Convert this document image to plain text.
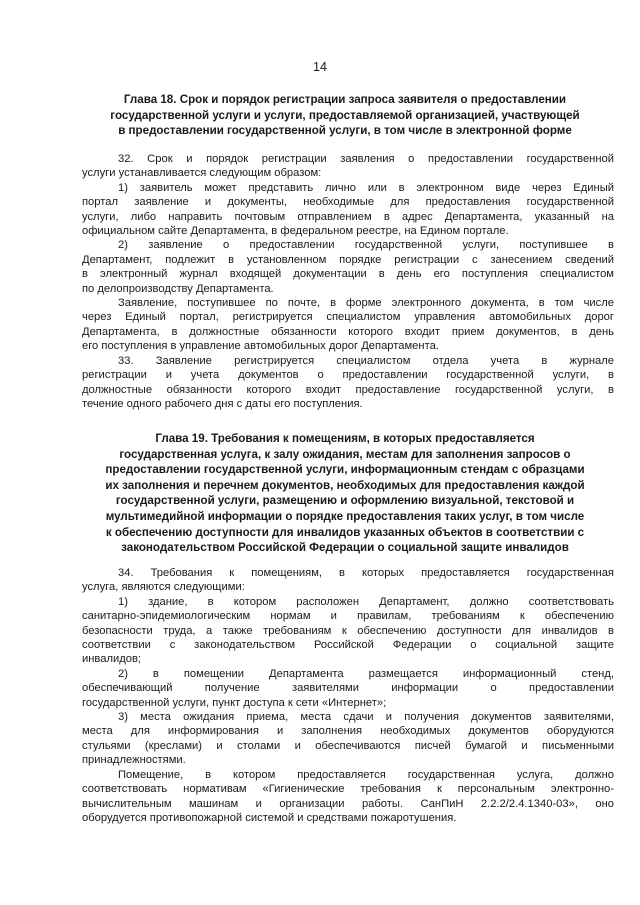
14
Глава 18. Срок и порядок регистрации запроса заявителя о предоставлении
государственной услуги и услуги, предоставляемой организацией, участвующей
в предоставлении государственной услуги, в том числе в электронной форме
32. Срок и порядок регистрации заявления о предоставлении государственной
услуги устанавливается следующим образом:
1) заявитель может представить лично или в электронном виде через Единый
портал заявление и документы, необходимые для предоставления государственной
услуги, либо направить почтовым отправлением в адрес Департамента, указанный на
официальном сайте Департамента, в федеральном реестре, на Едином портале.
2) заявление о предоставлении государственной услуги, поступившее в
Департамент, подлежит в установленном порядке регистрации с занесением сведений
в электронный журнал входящей документации в день его поступления специалистом
по делопроизводству Департамента.
Заявление, поступившее по почте, в форме электронного документа, в том числе
через Единый портал, регистрируется специалистом управления автомобильных дорог
Департамента, в должностные обязанности которого входит прием документов, в день
его поступления в управление автомобильных дорог Департамента.
33. Заявление регистрируется специалистом отдела учета в журнале
регистрации и учета документов о предоставлении государственной услуги, в
должностные обязанности которого входит предоставление государственной услуги, в
течение одного рабочего дня с даты его поступления.
Глава 19. Требования к помещениям, в которых предоставляется
государственная услуга, к залу ожидания, местам для заполнения запросов о
предоставлении государственной услуги, информационным стендам с образцами
их заполнения и перечнем документов, необходимых для предоставления каждой
государственной услуги, размещению и оформлению визуальной, текстовой и
мультимедийной информации о порядке предоставления таких услуг, в том числе
к обеспечению доступности для инвалидов указанных объектов в соответствии с
законодательством Российской Федерации о социальной защите инвалидов
34. Требования к помещениям, в которых предоставляется государственная
услуга, являются следующими:
1) здание, в котором расположен Департамент, должно соответствовать
санитарно-эпидемиологическим нормам и правилам, требованиям к обеспечению
безопасности труда, а также требованиям к обеспечению доступности для инвалидов в
соответствии с законодательством Российской Федерации о социальной защите
инвалидов;
2) в помещении Департамента размещается информационный стенд,
обеспечивающий получение заявителями информации о предоставлении
государственной услуги, пункт доступа к сети «Интернет»;
3) места ожидания приема, места сдачи и получения документов заявителями,
места для информирования и заполнения необходимых документов оборудуются
стульями (креслами) и столами и обеспечиваются писчей бумагой и письменными
принадлежностями.
Помещение, в котором предоставляется государственная услуга, должно
соответствовать нормативам «Гигиенические требования к персональным электронно-
вычислительным машинам и организации работы. СанПиН 2.2.2/2.4.1340-03», оно
оборудуется противопожарной системой и средствами пожаротушения.
